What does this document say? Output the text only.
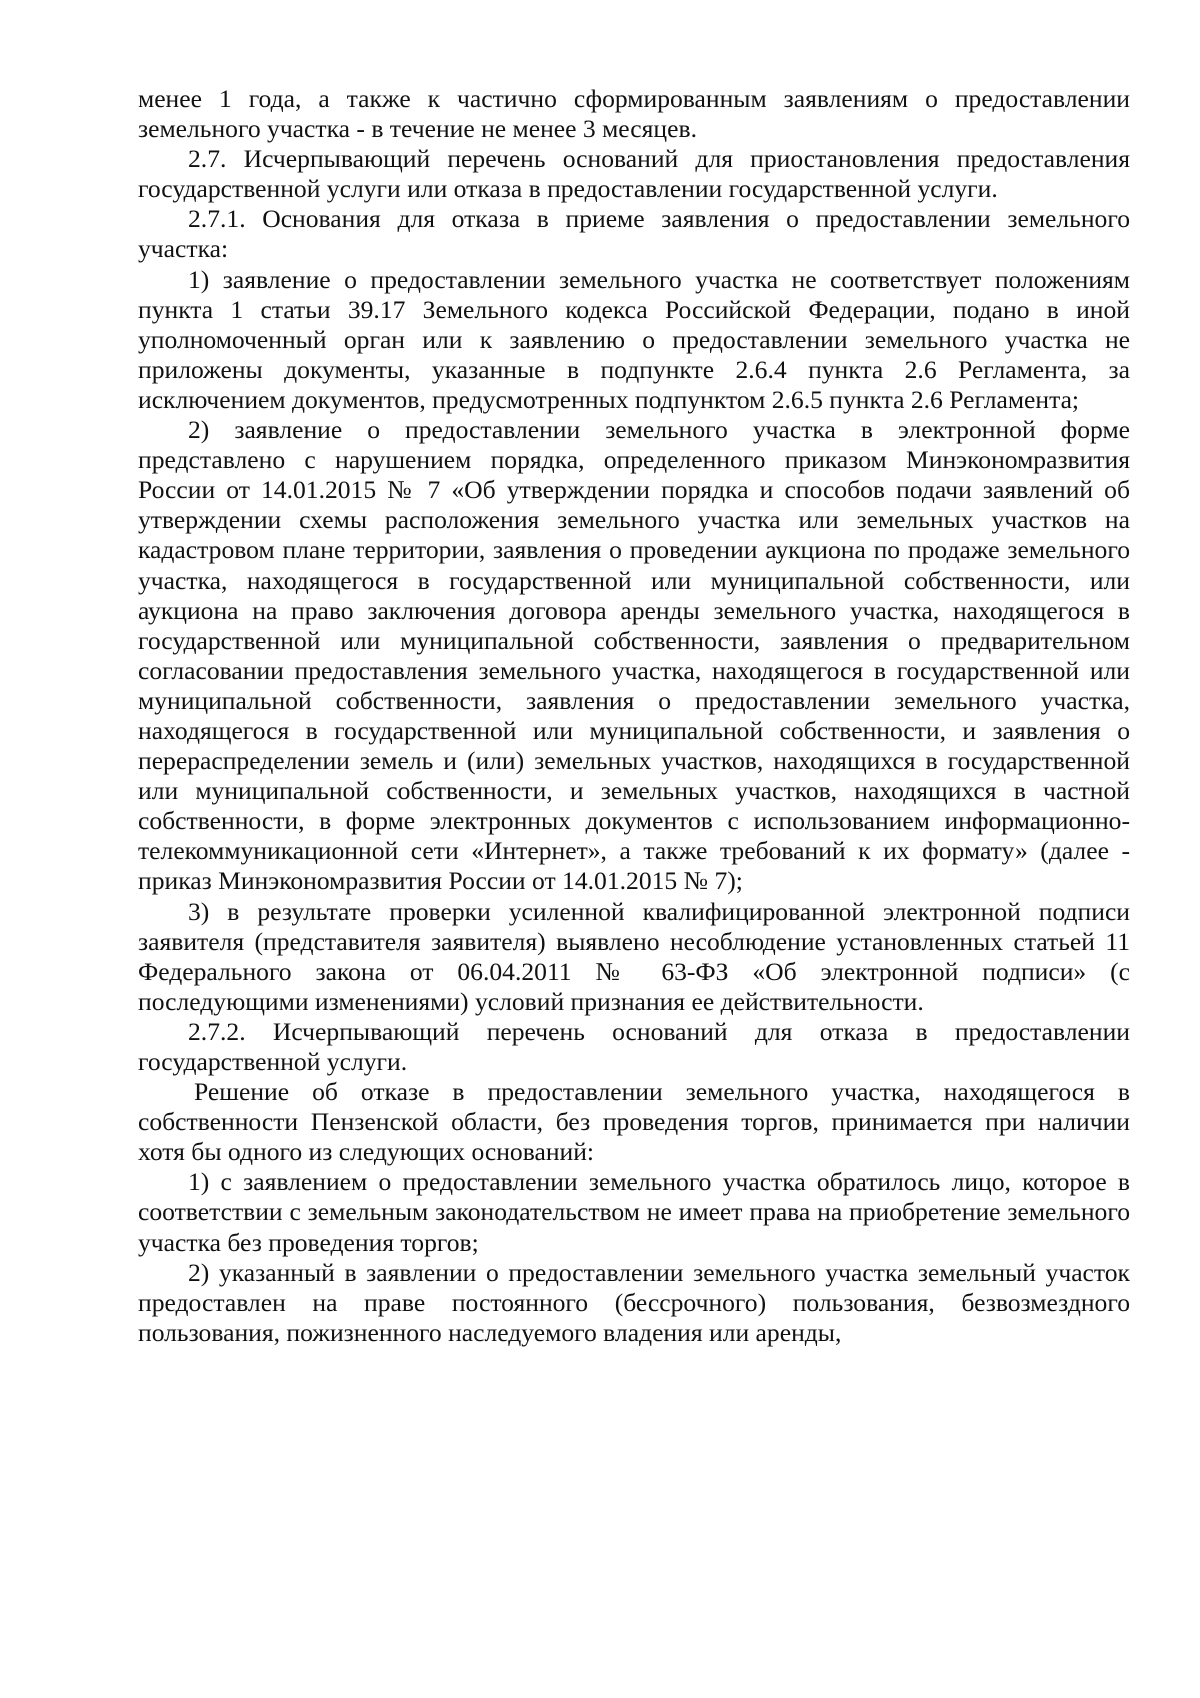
менее 1 года, а также к частично сформированным заявлениям о предоставлении земельного участка - в течение не менее 3 месяцев.

2.7. Исчерпывающий перечень оснований для приостановления предоставления государственной услуги или отказа в предоставлении государственной услуги.

2.7.1. Основания для отказа в приеме заявления о предоставлении земельного участка:

1) заявление о предоставлении земельного участка не соответствует положениям пункта 1 статьи 39.17 Земельного кодекса Российской Федерации, подано в иной уполномоченный орган или к заявлению о предоставлении земельного участка не приложены документы, указанные в подпункте 2.6.4 пункта 2.6 Регламента, за исключением документов, предусмотренных подпунктом 2.6.5 пункта 2.6 Регламента;

2) заявление о предоставлении земельного участка в электронной форме представлено с нарушением порядка, определенного приказом Минэкономразвития России от 14.01.2015 № 7 «Об утверждении порядка и способов подачи заявлений об утверждении схемы расположения земельного участка или земельных участков на кадастровом плане территории, заявления о проведении аукциона по продаже земельного участка, находящегося в государственной или муниципальной собственности, или аукциона на право заключения договора аренды земельного участка, находящегося в государственной или муниципальной собственности, заявления о предварительном согласовании предоставления земельного участка, находящегося в государственной или муниципальной собственности, заявления о предоставлении земельного участка, находящегося в государственной или муниципальной собственности, и заявления о перераспределении земель и (или) земельных участков, находящихся в государственной или муниципальной собственности, и земельных участков, находящихся в частной собственности, в форме электронных документов с использованием информационно-телекоммуникационной сети «Интернет», а также требований к их формату» (далее - приказ Минэкономразвития России от 14.01.2015 № 7);

3) в результате проверки усиленной квалифицированной электронной подписи заявителя (представителя заявителя) выявлено несоблюдение установленных статьей 11 Федерального закона от 06.04.2011 № 63-ФЗ «Об электронной подписи» (с последующими изменениями) условий признания ее действительности.

2.7.2. Исчерпывающий перечень оснований для отказа в предоставлении государственной услуги.

Решение об отказе в предоставлении земельного участка, находящегося в собственности Пензенской области, без проведения торгов, принимается при наличии хотя бы одного из следующих оснований:

1) с заявлением о предоставлении земельного участка обратилось лицо, которое в соответствии с земельным законодательством не имеет права на приобретение земельного участка без проведения торгов;

2) указанный в заявлении о предоставлении земельного участка земельный участок предоставлен на праве постоянного (бессрочного) пользования, безвозмездного пользования, пожизненного наследуемого владения или аренды,
